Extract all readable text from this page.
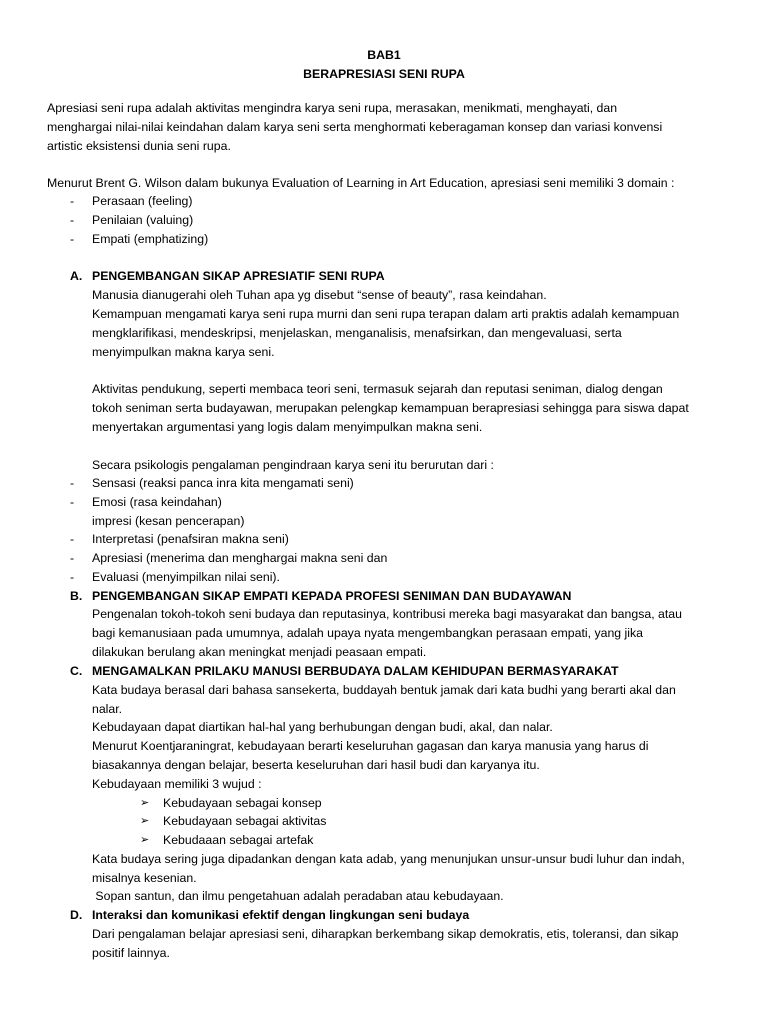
BAB1
BERAPRESIASI SENI RUPA
Apresiasi seni rupa adalah aktivitas mengindra karya seni rupa, merasakan, menikmati, menghayati, dan
menghargai nilai-nilai keindahan dalam karya seni serta menghormati keberagaman konsep dan variasi konvensi
artistic eksistensi dunia seni rupa.
Menurut Brent G. Wilson dalam bukunya Evaluation of Learning in Art Education, apresiasi seni memiliki 3 domain :
- Perasaan (feeling)
- Penilaian (valuing)
- Empati (emphatizing)
A. PENGEMBANGAN SIKAP APRESIATIF SENI RUPA
Manusia dianugerahi oleh Tuhan apa yg disebut “sense of beauty”, rasa keindahan.
Kemampuan mengamati karya seni rupa murni dan seni rupa terapan dalam arti praktis adalah kemampuan
mengklarifikasi, mendeskripsi, menjelaskan, menganalisis, menafsirkan, dan mengevaluasi, serta
menyimpulkan makna karya seni.
Aktivitas pendukung, seperti membaca teori seni, termasuk sejarah dan reputasi seniman, dialog dengan
tokoh seniman serta budayawan, merupakan pelengkap kemampuan berapresiasi sehingga para siswa dapat
menyertakan argumentasi yang logis dalam menyimpulkan makna seni.
Secara psikologis pengalaman pengindraan karya seni itu berurutan dari :
- Sensasi (reaksi panca inra kita mengamati seni)
- Emosi (rasa keindahan)
impresi (kesan pencerapan)
- Interpretasi (penafsiran makna seni)
- Apresiasi (menerima dan menghargai makna seni dan
- Evaluasi (menyimpilkan nilai seni).
B. PENGEMBANGAN SIKAP EMPATI KEPADA PROFESI SENIMAN DAN BUDAYAWAN
Pengenalan tokoh-tokoh seni budaya dan reputasinya, kontribusi mereka bagi masyarakat dan bangsa, atau
bagi kemanusiaan pada umumnya, adalah upaya nyata mengembangkan perasaan empati, yang jika
dilakukan berulang akan meningkat menjadi peasaan empati.
C. MENGAMALKAN PRILAKU MANUSI BERBUDAYA DALAM KEHIDUPAN BERMASYARAKAT
Kata budaya berasal dari bahasa sansekerta, buddayah bentuk jamak dari kata budhi yang berarti akal dan
nalar.
Kebudayaan dapat diartikan hal-hal yang berhubungan dengan budi, akal, dan nalar.
Menurut Koentjaraningrat, kebudayaan berarti keseluruhan gagasan dan karya manusia yang harus di
biasakannya dengan belajar, beserta keseluruhan dari hasil budi dan karyanya itu.
Kebudayaan memiliki 3 wujud :
➢ Kebudayaan sebagai konsep
➢ Kebudayaan sebagai aktivitas
➢ Kebudaaan sebagai artefak
Kata budaya sering juga dipadankan dengan kata adab, yang menunjukan unsur-unsur budi luhur dan indah,
misalnya kesenian.
Sopan santun, dan ilmu pengetahuan adalah peradaban atau kebudayaan.
D. Interaksi dan komunikasi efektif dengan lingkungan seni budaya
Dari pengalaman belajar apresiasi seni, diharapkan berkembang sikap demokratis, etis, toleransi, dan sikap
positif lainnya.
